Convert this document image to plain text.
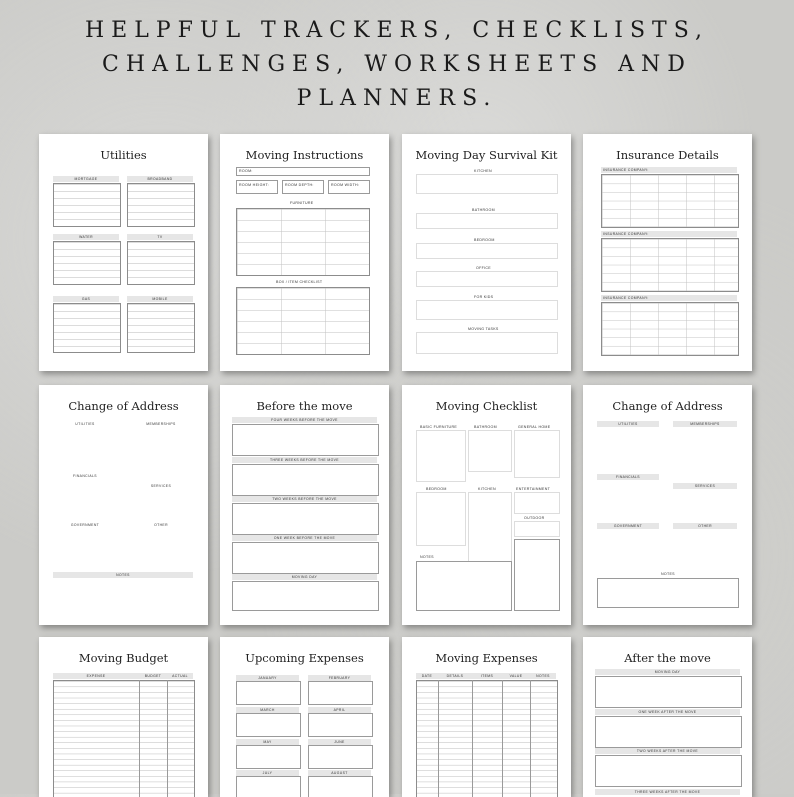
HELPFUL TRACKERS, CHECKLISTS,
CHALLENGES, WORKSHEETS AND
PLANNERS.
Utilities
MORTGAGE	BROADBAND
WATER	TV
GAS	MOBILE
Moving Instructions
ROOM:
ROOM HEIGHT:	ROOM DEPTH:	ROOM WIDTH:
FURNITURE
BOX / ITEM CHECKLIST
Moving Day Survival Kit
KITCHEN
BATHROOM
BEDROOM
OFFICE
FOR KIDS
MOVING TASKS
Insurance Details
INSURANCE COMPANY:
INSURANCE COMPANY:
INSURANCE COMPANY:
Change of Address
UTILITIES	MEMBERSHIPS
FINANCIALS
SERVICES
GOVERNMENT	OTHER
NOTES
Before the move
FOUR WEEKS BEFORE THE MOVE
THREE WEEKS BEFORE THE MOVE
TWO WEEKS BEFORE THE MOVE
ONE WEEK BEFORE THE MOVE
MOVING DAY
Moving Checklist
BASIC FURNITURE	BATHROOM	GENERAL HOME
BEDROOM	KITCHEN	ENTERTAINMENT
OUTDOOR
NOTES
Change of Address
UTILITIES	MEMBERSHIPS
FINANCIALS
SERVICES
GOVERNMENT	OTHER
NOTES
Moving Budget
EXPENSE	BUDGET	ACTUAL
Upcoming Expenses
JANUARY	FEBRUARY
MARCH	APRIL
MAY	JUNE
JULY	AUGUST
Moving Expenses
DATE	DETAILS	ITEMS	VALUE	NOTES
After the move
MOVING DAY
ONE WEEK AFTER THE MOVE
TWO WEEKS AFTER THE MOVE
THREE WEEKS AFTER THE MOVE
